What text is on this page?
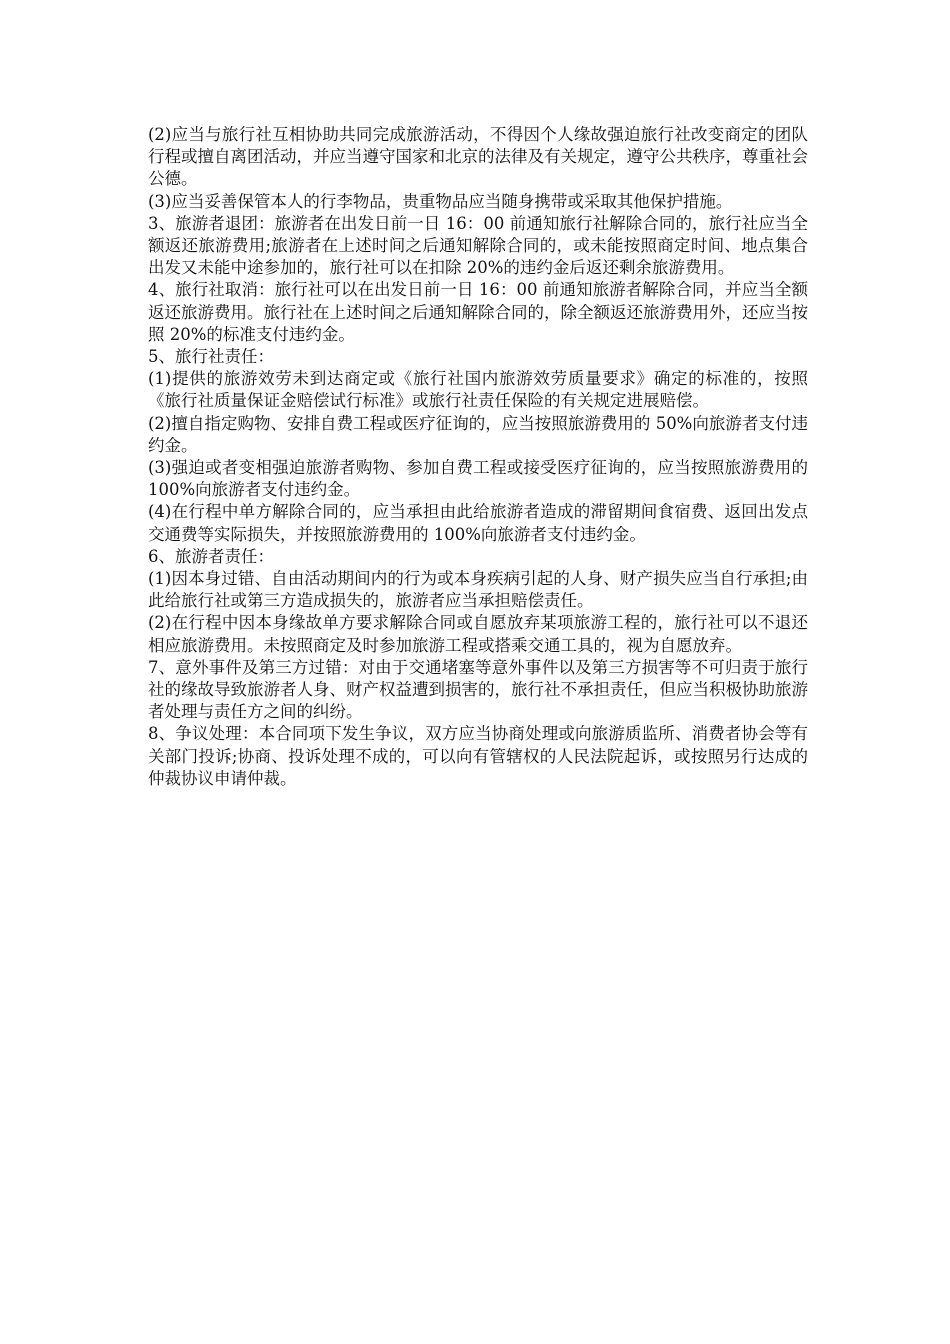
(2)应当与旅行社互相协助共同完成旅游活动，不得因个人缘故强迫旅行社改变商定的团队行程或擅自离团活动，并应当遵守国家和北京的法律及有关规定，遵守公共秩序，尊重社会公德。

(3)应当妥善保管本人的行李物品，贵重物品应当随身携带或采取其他保护措施。

3、旅游者退团：旅游者在出发日前一日 16：00 前通知旅行社解除合同的，旅行社应当全额返还旅游费用;旅游者在上述时间之后通知解除合同的，或未能按照商定时间、地点集合出发又未能中途参加的，旅行社可以在扣除 20%的违约金后返还剩余旅游费用。

4、旅行社取消：旅行社可以在出发日前一日 16：00 前通知旅游者解除合同，并应当全额返还旅游费用。旅行社在上述时间之后通知解除合同的，除全额返还旅游费用外，还应当按照 20%的标准支付违约金。

5、旅行社责任：

(1)提供的旅游效劳未到达商定或《旅行社国内旅游效劳质量要求》确定的标准的，按照《旅行社质量保证金赔偿试行标准》或旅行社责任保险的有关规定进展赔偿。

(2)擅自指定购物、安排自费工程或医疗征询的，应当按照旅游费用的 50%向旅游者支付违约金。

(3)强迫或者变相强迫旅游者购物、参加自费工程或接受医疗征询的，应当按照旅游费用的 100%向旅游者支付违约金。

(4)在行程中单方解除合同的，应当承担由此给旅游者造成的滞留期间食宿费、返回出发点交通费等实际损失，并按照旅游费用的 100%向旅游者支付违约金。

6、旅游者责任：

(1)因本身过错、自由活动期间内的行为或本身疾病引起的人身、财产损失应当自行承担;由此给旅行社或第三方造成损失的，旅游者应当承担赔偿责任。

(2)在行程中因本身缘故单方要求解除合同或自愿放弃某项旅游工程的，旅行社可以不退还相应旅游费用。未按照商定及时参加旅游工程或搭乘交通工具的，视为自愿放弃。

7、意外事件及第三方过错：对由于交通堵塞等意外事件以及第三方损害等不可归责于旅行社的缘故导致旅游者人身、财产权益遭到损害的，旅行社不承担责任，但应当积极协助旅游者处理与责任方之间的纠纷。

8、争议处理：本合同项下发生争议，双方应当协商处理或向旅游质监所、消费者协会等有关部门投诉;协商、投诉处理不成的，可以向有管辖权的人民法院起诉，或按照另行达成的仲裁协议申请仲裁。
